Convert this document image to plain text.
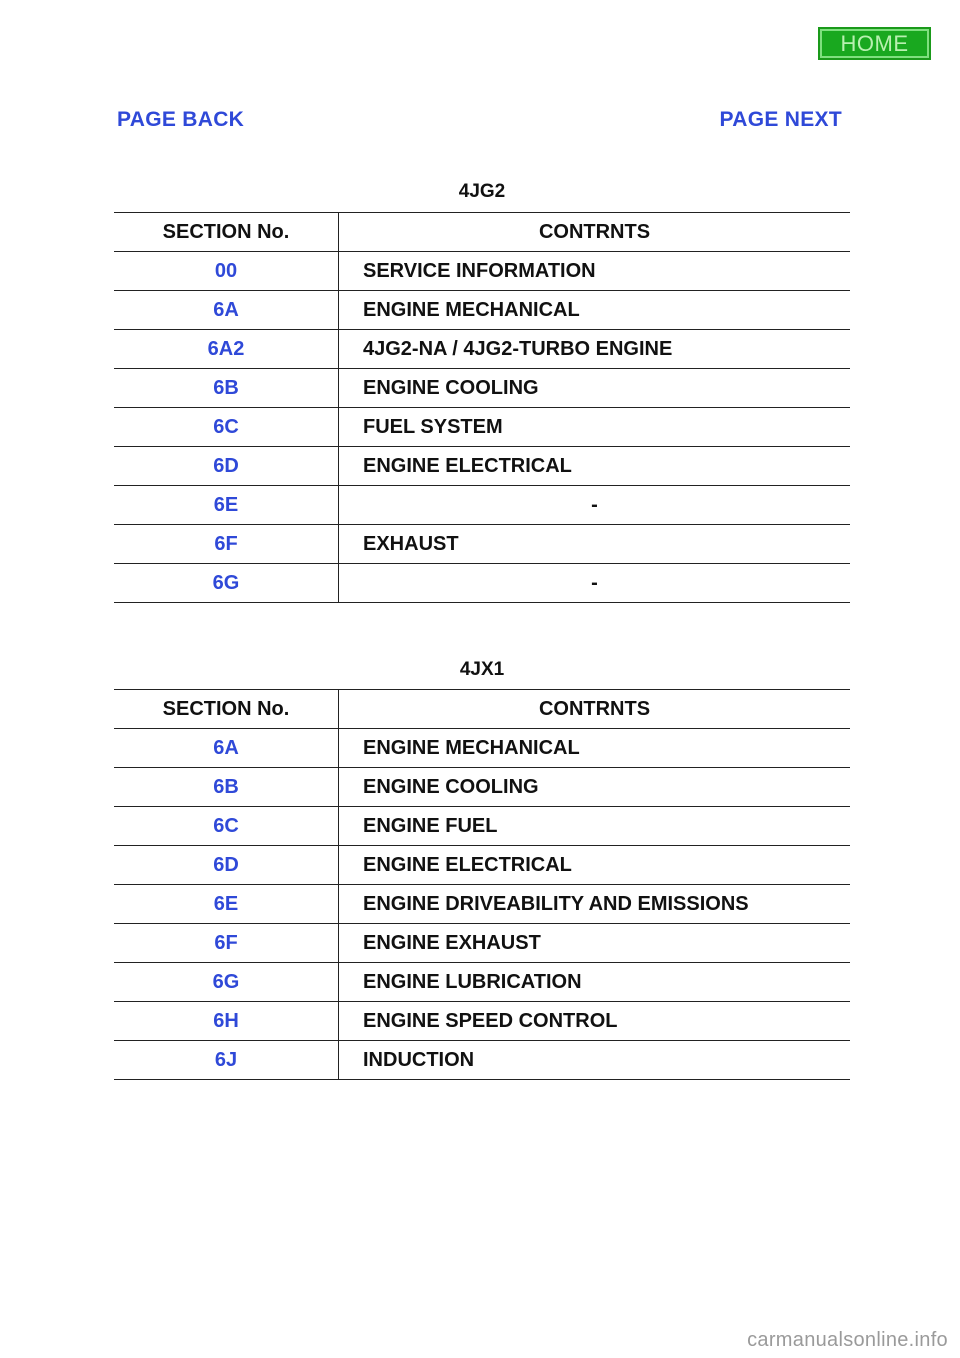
HOME
PAGE BACK	PAGE NEXT
4JG2
SECTION No.	CONTRNTS
00	SERVICE INFORMATION
6A	ENGINE MECHANICAL
6A2	4JG2-NA / 4JG2-TURBO ENGINE
6B	ENGINE COOLING
6C	FUEL SYSTEM
6D	ENGINE ELECTRICAL
6E	-
6F	EXHAUST
6G	-
4JX1
SECTION No.	CONTRNTS
6A	ENGINE MECHANICAL
6B	ENGINE COOLING
6C	ENGINE FUEL
6D	ENGINE ELECTRICAL
6E	ENGINE DRIVEABILITY AND EMISSIONS
6F	ENGINE EXHAUST
6G	ENGINE LUBRICATION
6H	ENGINE SPEED CONTROL
6J	INDUCTION
carmanualsonline.info
